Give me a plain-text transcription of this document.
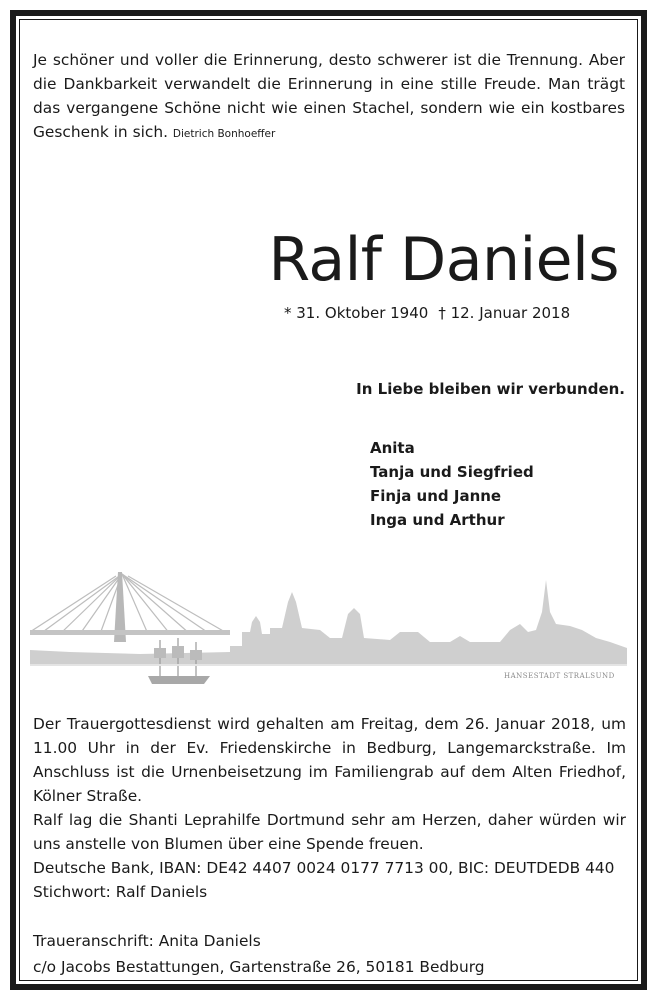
Je schöner und voller die Erinnerung, desto schwerer ist die Trennung. Aber die Dankbarkeit verwandelt die Erinnerung in eine stille Freude. Man trägt das vergangene Schöne nicht wie einen Stachel, sondern wie ein kostbares Geschenk in sich. Dietrich Bonhoeffer
Ralf Daniels
* 31. Oktober 1940 † 12. Januar 2018
In Liebe bleiben wir verbunden.
Anita
Tanja und Siegfried
Finja und Janne
Inga und Arthur
HANSESTADT STRALSUND

Der Trauergottesdienst wird gehalten am Freitag, dem 26. Januar 2018, um 11.00 Uhr in der Ev. Friedenskirche in Bedburg, Langemarckstraße. Im Anschluss ist die Urnenbeisetzung im Familiengrab auf dem Alten Friedhof, Kölner Straße.

Ralf lag die Shanti Leprahilfe Dortmund sehr am Herzen, daher würden wir uns anstelle von Blumen über eine Spende freuen.

Deutsche Bank, IBAN: DE42 4407 0024 0177 7713 00, BIC: DEUTDEDB 440

Stichwort: Ralf Daniels

Traueranschrift: Anita Daniels
c/o Jacobs Bestattungen, Gartenstraße 26, 50181 Bedburg
